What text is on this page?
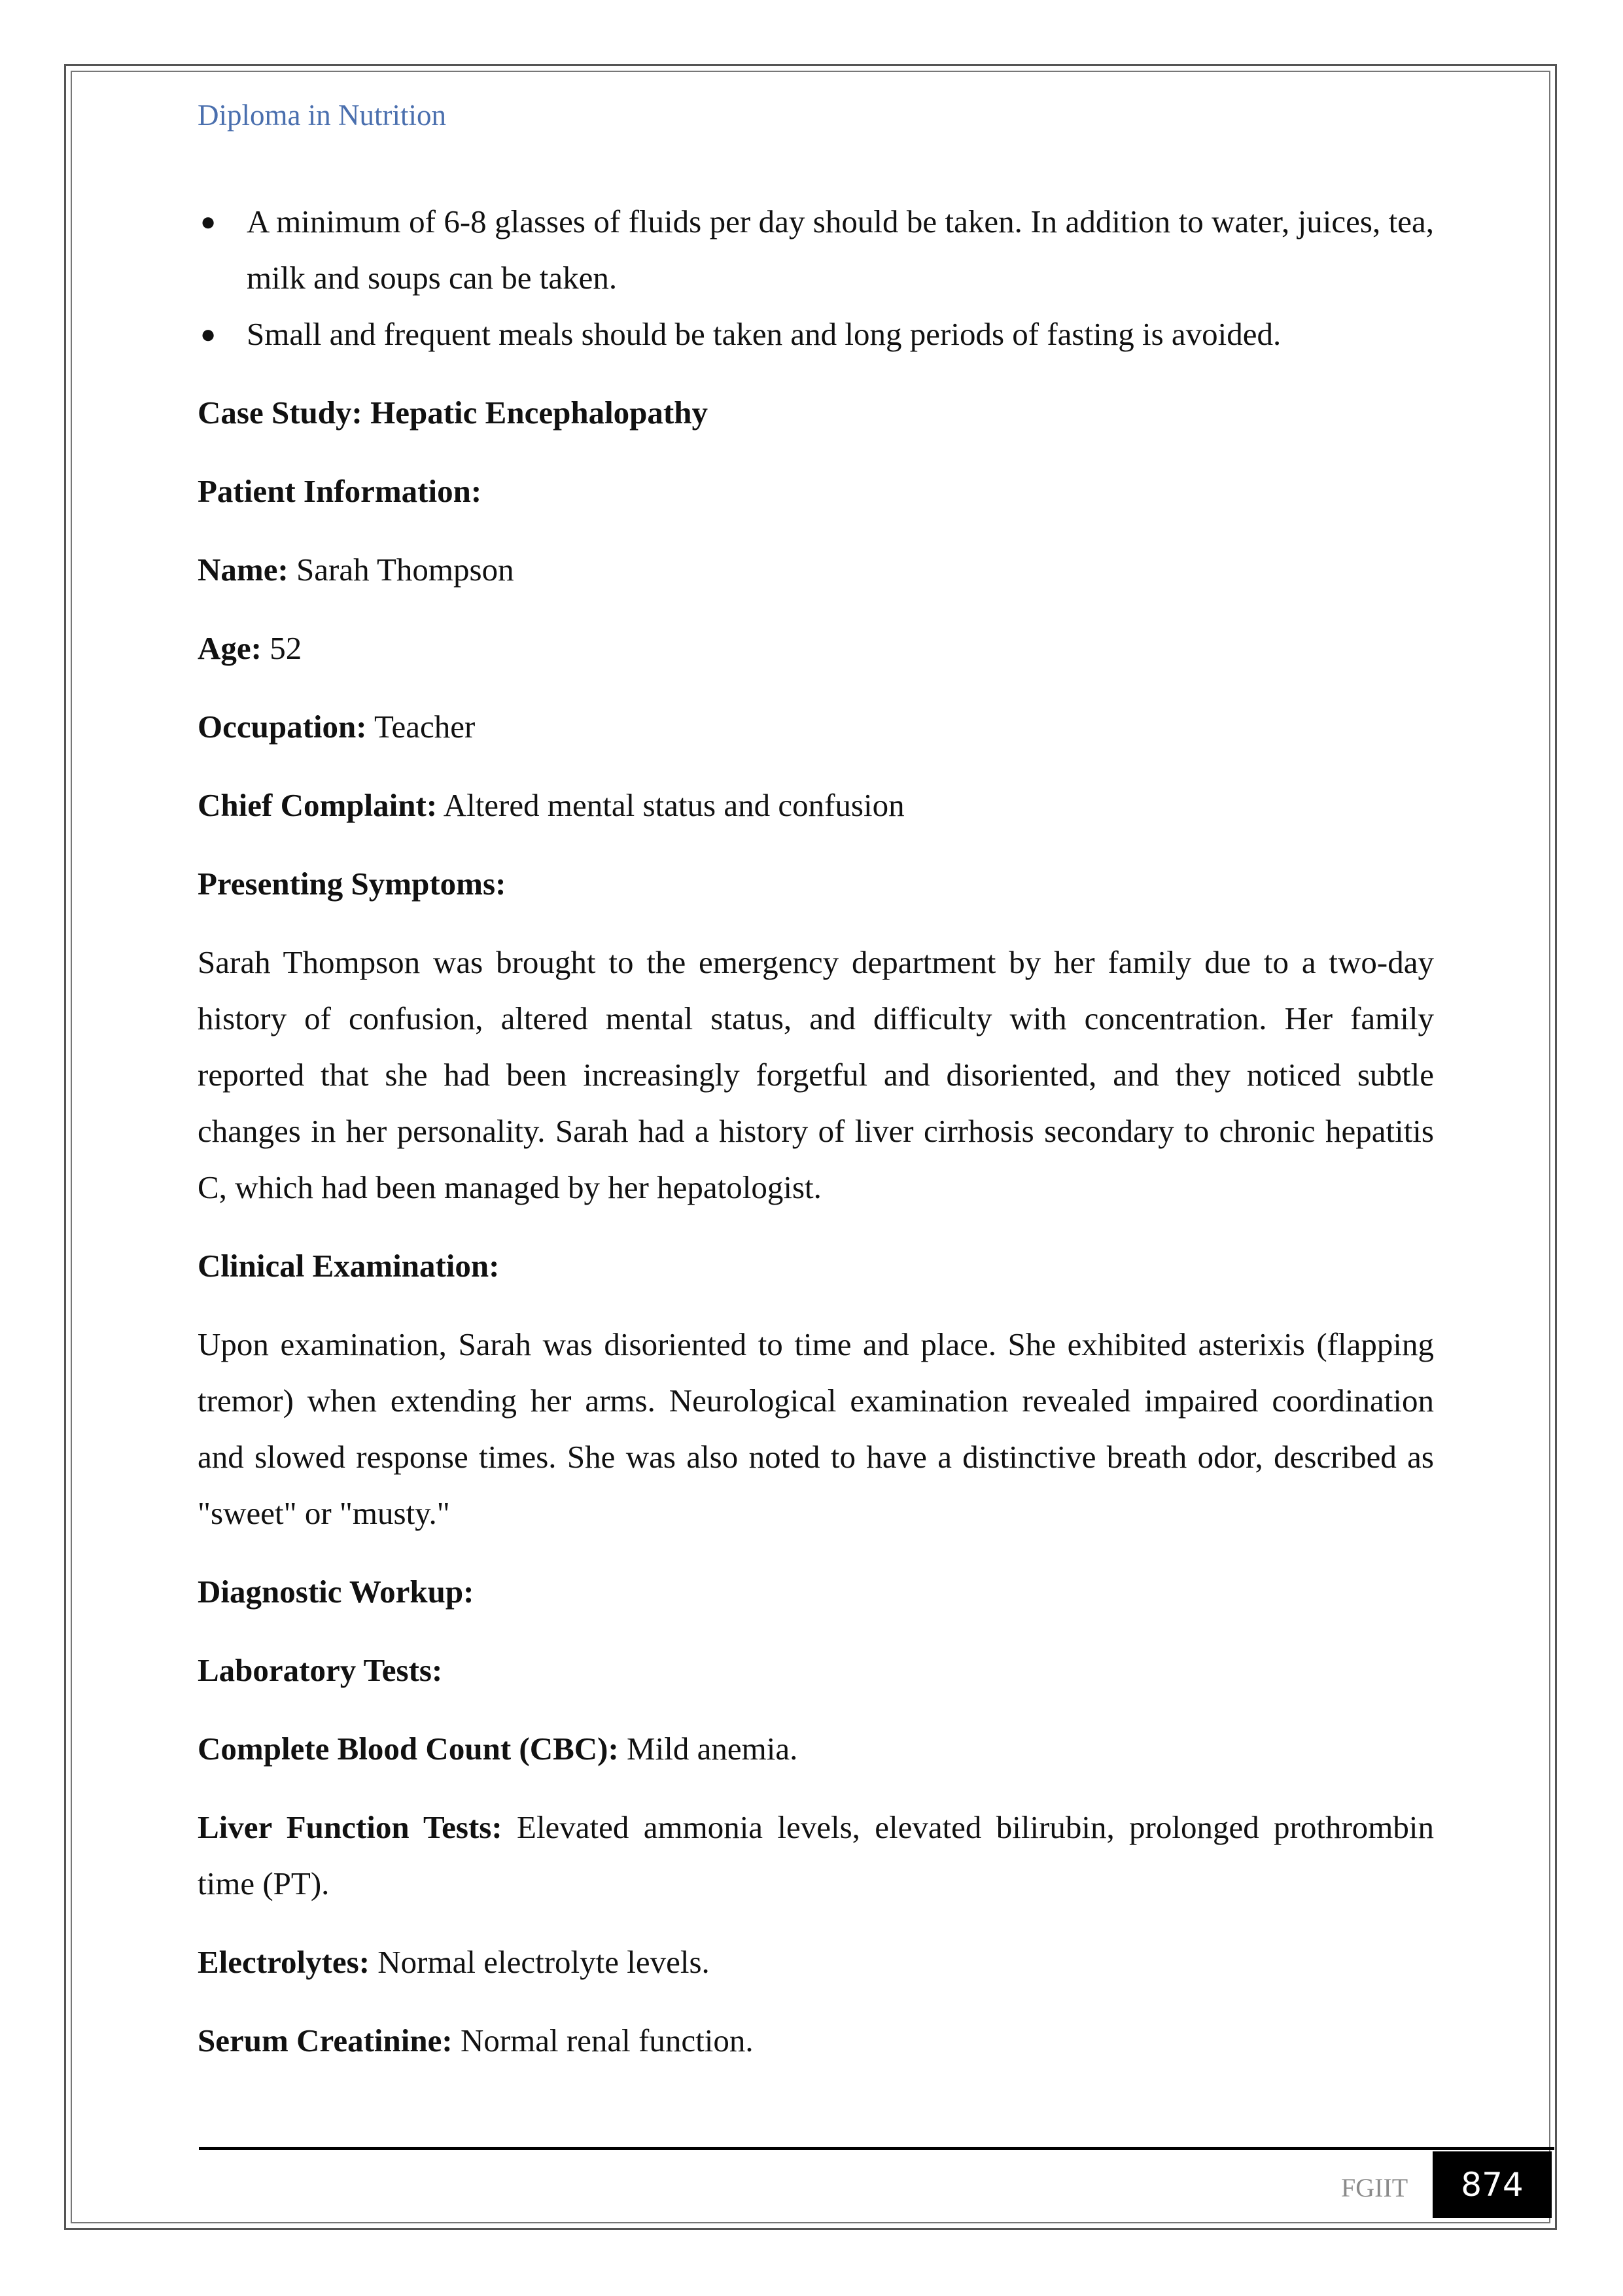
Diploma in Nutrition
● A minimum of 6-8 glasses of fluids per day should be taken. In addition to water, juices, tea, milk and soups can be taken.
● Small and frequent meals should be taken and long periods of fasting is avoided.

Case Study: Hepatic Encephalopathy

Patient Information:

Name: Sarah Thompson

Age: 52

Occupation: Teacher

Chief Complaint: Altered mental status and confusion

Presenting Symptoms:

Sarah Thompson was brought to the emergency department by her family due to a two-day history of confusion, altered mental status, and difficulty with concentration. Her family reported that she had been increasingly forgetful and disoriented, and they noticed subtle changes in her personality. Sarah had a history of liver cirrhosis secondary to chronic hepatitis C, which had been managed by her hepatologist.

Clinical Examination:

Upon examination, Sarah was disoriented to time and place. She exhibited asterixis (flapping tremor) when extending her arms. Neurological examination revealed impaired coordination and slowed response times. She was also noted to have a distinctive breath odor, described as "sweet" or "musty."

Diagnostic Workup:

Laboratory Tests:

Complete Blood Count (CBC): Mild anemia.

Liver Function Tests: Elevated ammonia levels, elevated bilirubin, prolonged prothrombin time (PT).

Electrolytes: Normal electrolyte levels.

Serum Creatinine: Normal renal function.

FGIIT	874
